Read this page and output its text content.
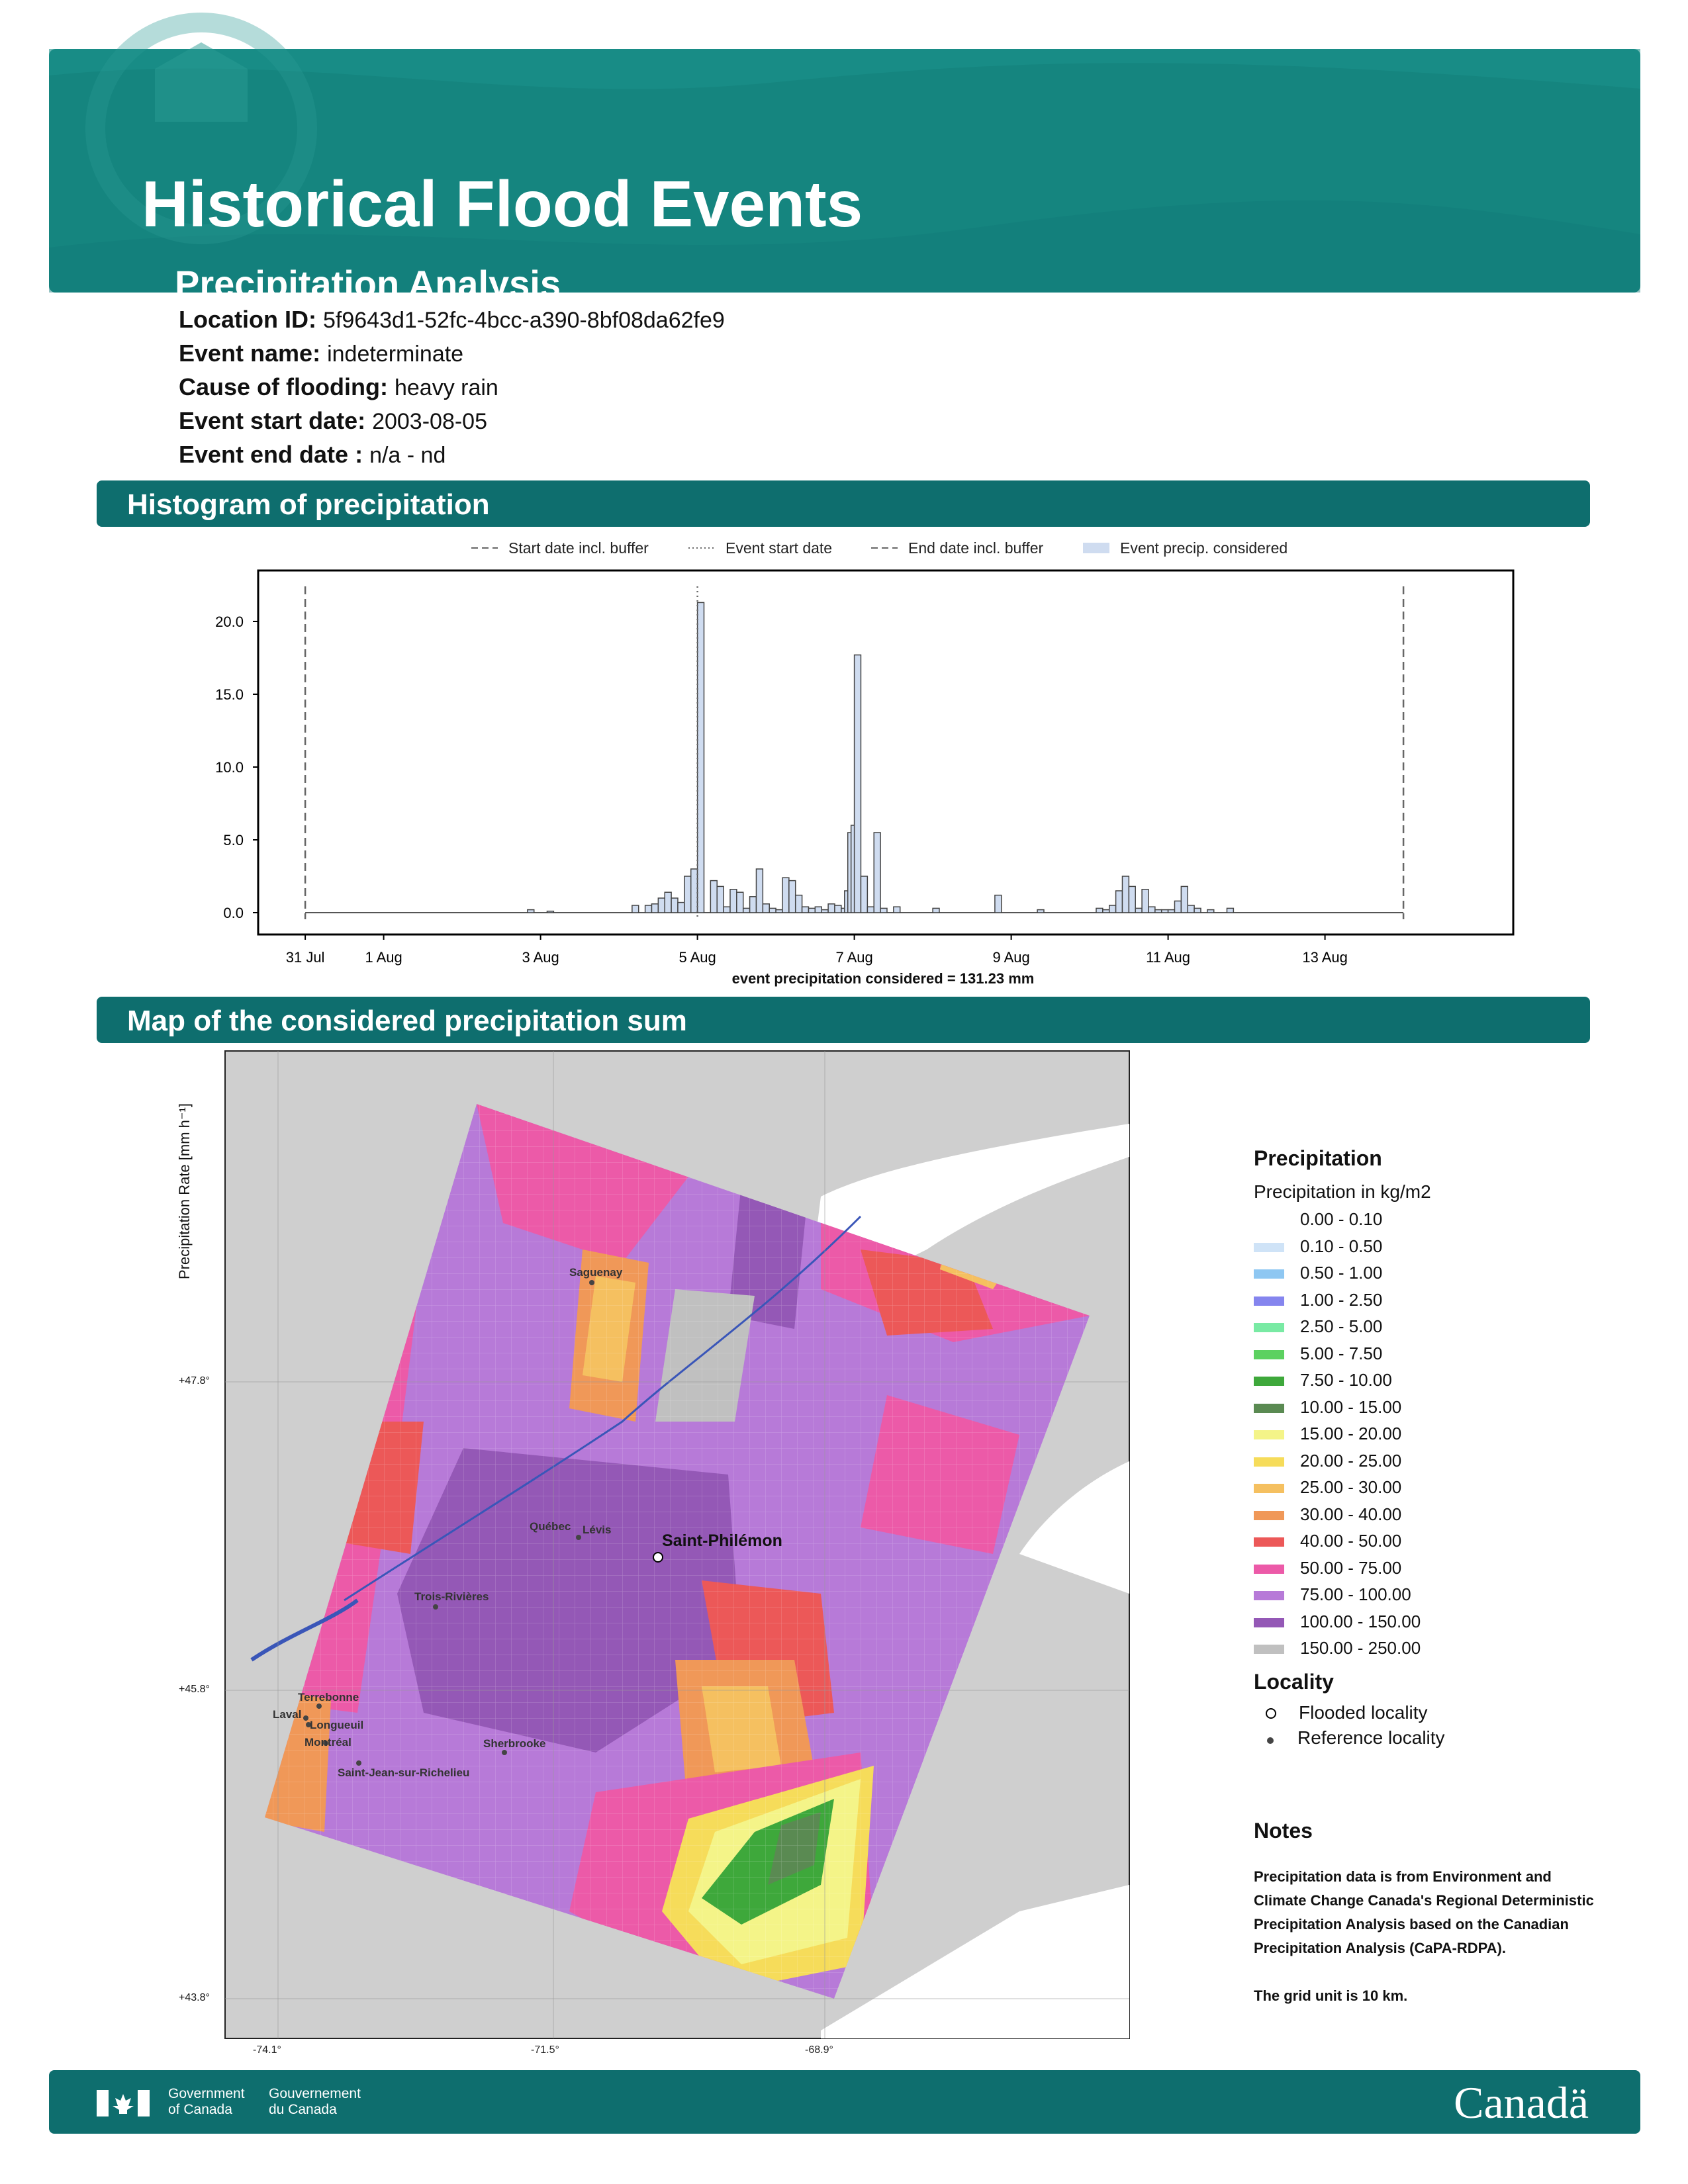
Historical Flood Events
Precipitation Analysis
Location ID: 5f9643d1-52fc-4bcc-a390-8bf08da62fe9
Event name: indeterminate
Cause of flooding: heavy rain
Event start date: 2003-08-05
Event end date : n/a - nd
Histogram of precipitation
Start date incl. buffer	Event start date	End date incl. buffer	Event precip. considered
0.0
5.0
10.0
15.0
20.0
31 Jul	1 Aug	3 Aug	5 Aug	7 Aug	9 Aug	11 Aug	13 Aug
event precipitation considered = 131.23 mm
Precipitation Rate [mm h⁻¹]
Map of the considered precipitation sum
Saint-Philémon
Saguenay
Québec Lévis
Trois-Rivières
Terrebonne
Laval
Longueuil
Montréal	Sherbrooke
Saint-Jean-sur-Richelieu
-74.1°	-71.5°	-68.9°
+47.8°
+45.8°
+43.8°
Precipitation
Precipitation in kg/m2
0.00 - 0.10
0.10 - 0.50
0.50 - 1.00
1.00 - 2.50
2.50 - 5.00
5.00 - 7.50
7.50 - 10.00
10.00 - 15.00
15.00 - 20.00
20.00 - 25.00
25.00 - 30.00
30.00 - 40.00
40.00 - 50.00
50.00 - 75.00
75.00 - 100.00
100.00 - 150.00
150.00 - 250.00
Locality
Flooded locality
Reference locality
Notes
Precipitation data is from Environment and Climate Change Canada's Regional Deterministic Precipitation Analysis based on the Canadian Precipitation Analysis (CaPA-RDPA).
The grid unit is 10 km.
Government
of Canada
Gouvernement
du Canada	Canadä
